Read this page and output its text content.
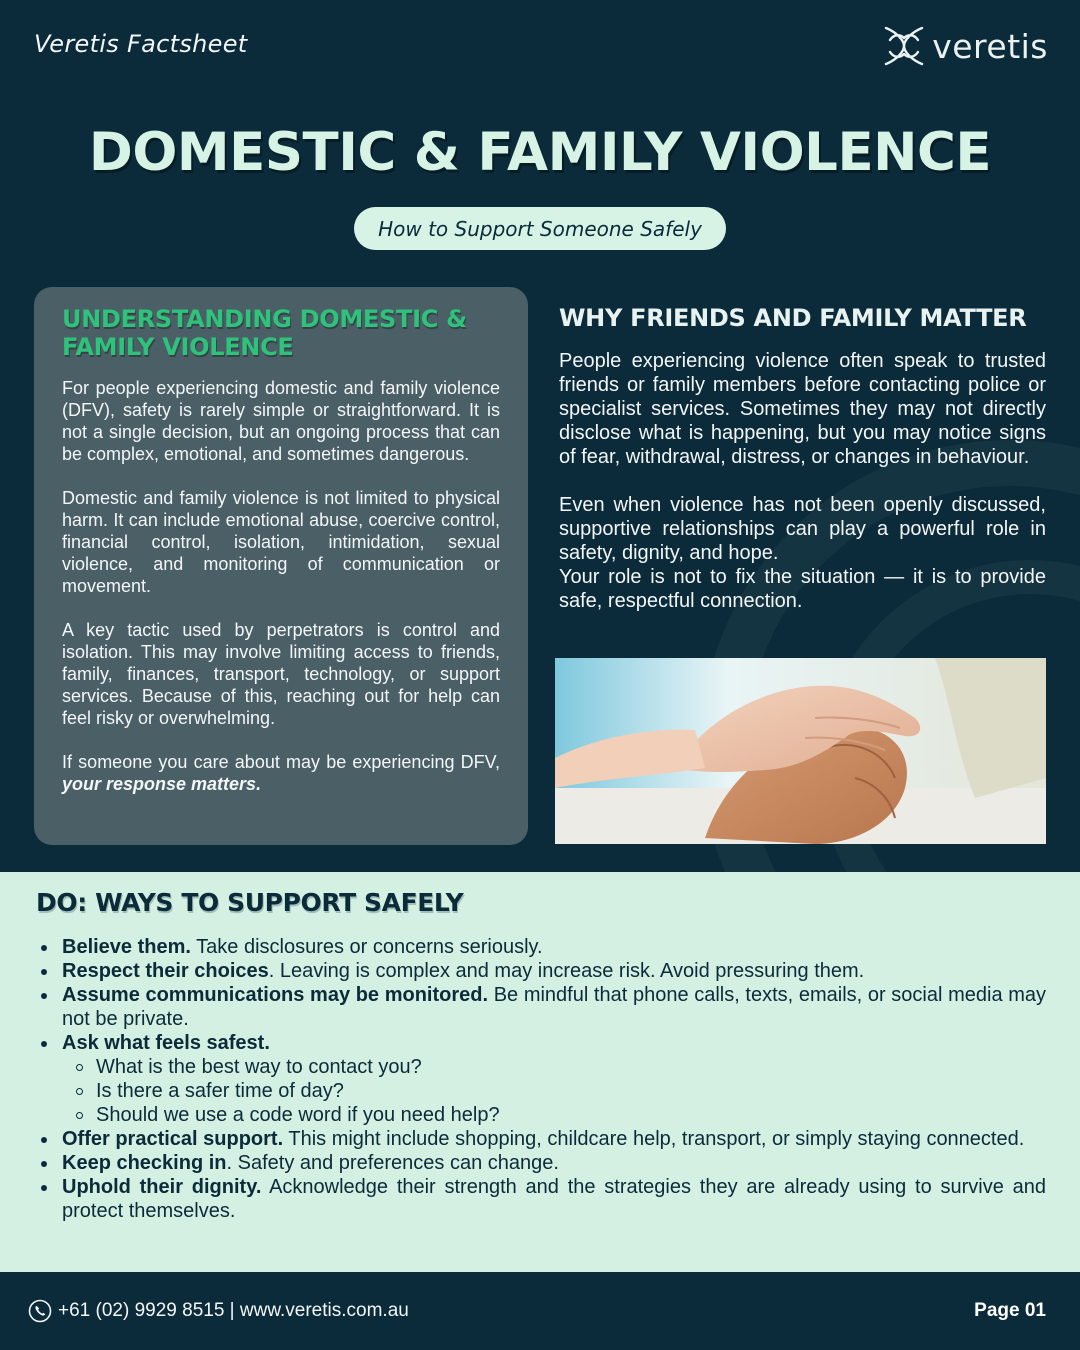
Veretis Factsheet	veretis
DOMESTIC & FAMILY VIOLENCE
How to Support Someone Safely
UNDERSTANDING DOMESTIC & FAMILY VIOLENCE

For people experiencing domestic and family violence (DFV), safety is rarely simple or straightforward. It is not a single decision, but an ongoing process that can be complex, emotional, and sometimes dangerous.

Domestic and family violence is not limited to physical harm. It can include emotional abuse, coercive control, financial control, isolation, intimidation, sexual violence, and monitoring of communication or movement.

A key tactic used by perpetrators is control and isolation. This may involve limiting access to friends, family, finances, transport, technology, or support services. Because of this, reaching out for help can feel risky or overwhelming.

If someone you care about may be experiencing DFV, your response matters.

WHY FRIENDS AND FAMILY MATTER

People experiencing violence often speak to trusted friends or family members before contacting police or specialist services. Sometimes they may not directly disclose what is happening, but you may notice signs of fear, withdrawal, distress, or changes in behaviour.

Even when violence has not been openly discussed, supportive relationships can play a powerful role in safety, dignity, and hope.

Your role is not to fix the situation — it is to provide safe, respectful connection.

DO: WAYS TO SUPPORT SAFELY
Believe them. Take disclosures or concerns seriously.
Respect their choices. Leaving is complex and may increase risk. Avoid pressuring them.
Assume communications may be monitored. Be mindful that phone calls, texts, emails, or social media may not be private.
Ask what feels safest.
What is the best way to contact you?
Is there a safer time of day?
Should we use a code word if you need help?
Offer practical support. This might include shopping, childcare help, transport, or simply staying connected.
Keep checking in. Safety and preferences can change.
Uphold their dignity. Acknowledge their strength and the strategies they are already using to survive and protect themselves.
+61 (02) 9929 8515 | www.veretis.com.au	Page 01
